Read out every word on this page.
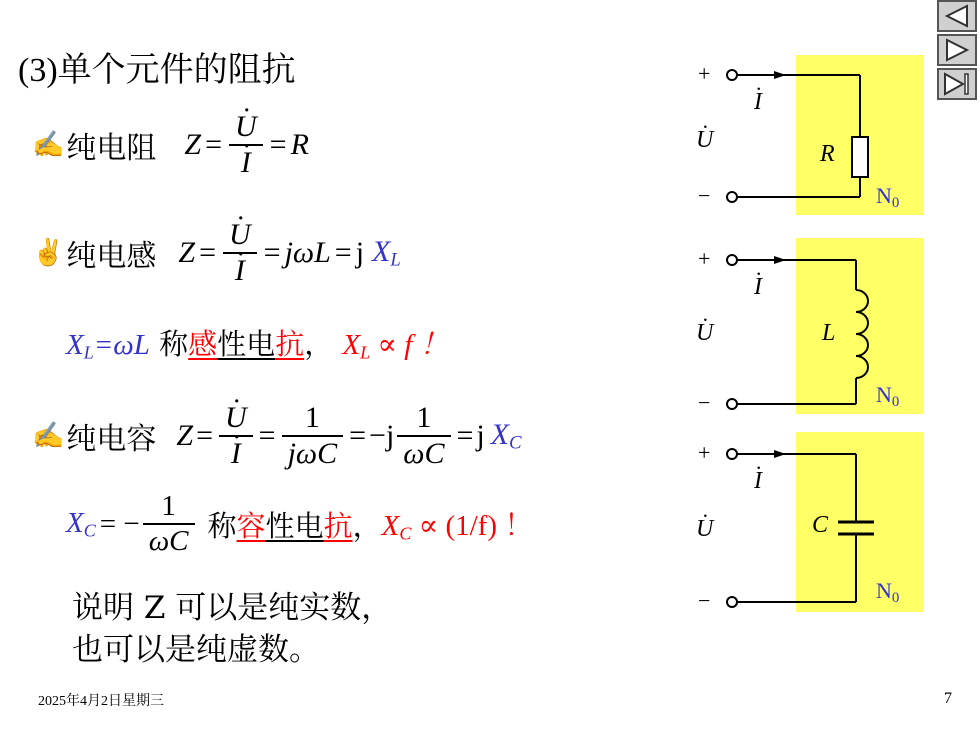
(3)单个元件的阻抗
✍ 纯电阻 Z = · U
· I = R
✌ 纯电感 Z = · U
· I = jωL = j $X_L$
$X_L=\omega L$ 称感性电抗， $X_L \propto f$ ！
✍ 纯电容 Z = · U
· $I = \frac{1}{\text{jωC}} = -j \frac{1}{\omega C} = j$ $X_C$
$X_C$ = − $\frac{1}{\omega C}$ 称 容 性 电 抗 ， $X_C \propto (1/f)$ ！
说明 Z 可以是纯实数，
也可以是纯虚数。
2025年4月2日星期三	7
+
−
· I
· U
R
N0
+
−
· I
· U	L
N0
+
−
· I
· U	C
N0
